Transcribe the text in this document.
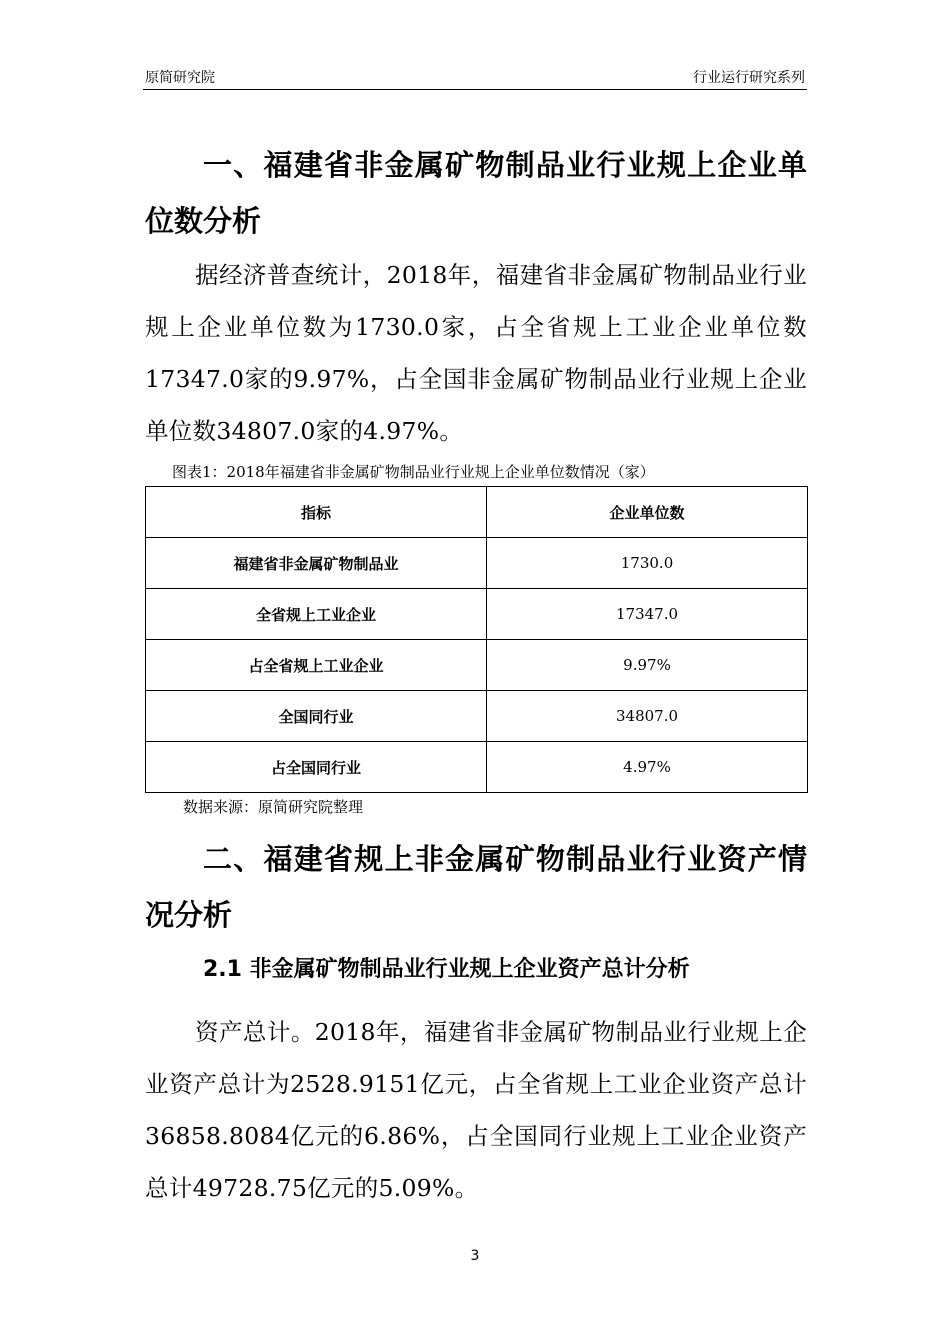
原简研究院	行业运行研究系列
一、福建省非金属矿物制品业行业规上企业单位数分析

据经济普查统计，2018年，福建省非金属矿物制品业行业规上企业单位数为1730.0家，占全省规上工业企业单位数17347.0家的9.97%，占全国非金属矿物制品业行业规上企业单位数34807.0家的4.97%。

图表1：2018年福建省非金属矿物制品业行业规上企业单位数情况（家）
指标	企业单位数
福建省非金属矿物制品业	1730.0
全省规上工业企业	17347.0
占全省规上工业企业	9.97%
全国同行业	34807.0
占全国同行业	4.97%
数据来源：原简研究院整理
二、福建省规上非金属矿物制品业行业资产情况分析
2.1 非金属矿物制品业行业规上企业资产总计分析

资产总计。2018年，福建省非金属矿物制品业行业规上企业资产总计为2528.9151亿元，占全省规上工业企业资产总计36858.8084亿元的6.86%，占全国同行业规上工业企业资产总计49728.75亿元的5.09%。

3
